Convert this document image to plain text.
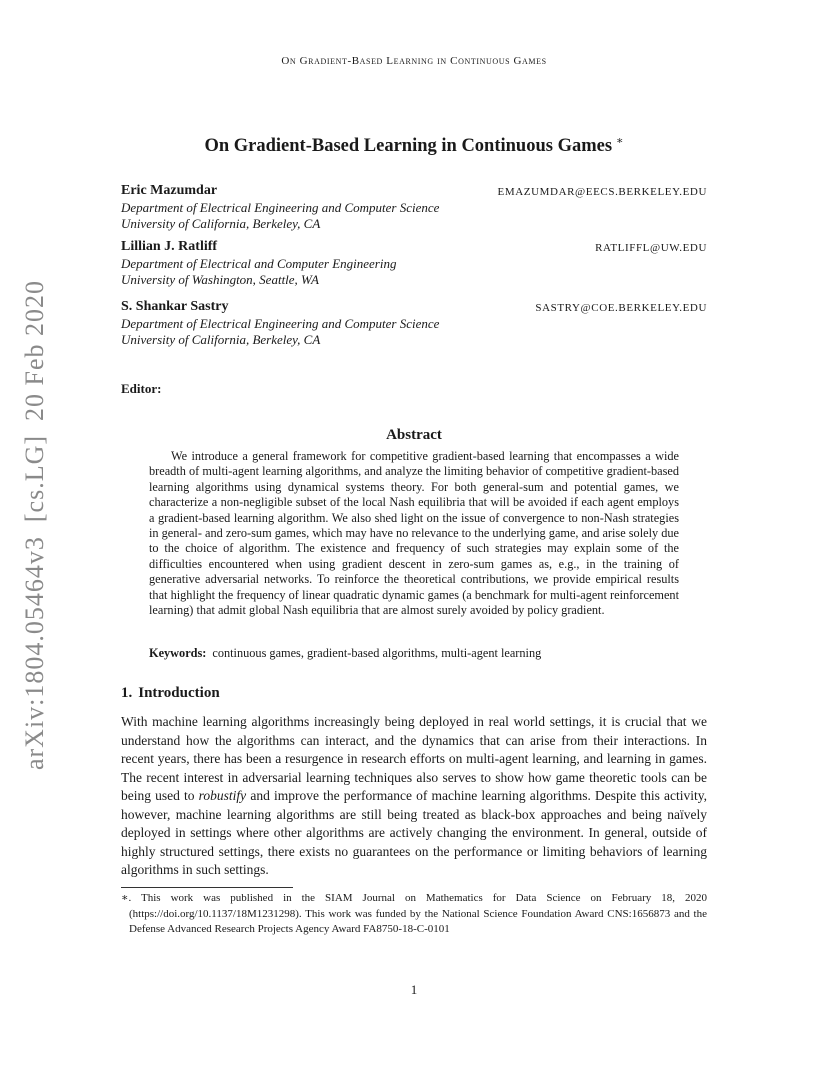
On Gradient-Based Learning in Continuous Games
On Gradient-Based Learning in Continuous Games ∗
Eric Mazumdar	EMAZUMDAR@EECS.BERKELEY.EDU
Department of Electrical Engineering and Computer Science
University of California, Berkeley, CA
Lillian J. Ratliff	RATLIFFL@UW.EDU
Department of Electrical and Computer Engineering
University of Washington, Seattle, WA
S. Shankar Sastry	SASTRY@COE.BERKELEY.EDU
Department of Electrical Engineering and Computer Science
University of California, Berkeley, CA
Editor:
Abstract
We introduce a general framework for competitive gradient-based learning that encompasses a wide breadth of multi-agent learning algorithms, and analyze the limiting behavior of competitive gradient-based learning algorithms using dynamical systems theory. For both general-sum and potential games, we characterize a non-negligible subset of the local Nash equilibria that will be avoided if each agent employs a gradient-based learning algorithm. We also shed light on the issue of convergence to non-Nash strategies in general- and zero-sum games, which may have no relevance to the underlying game, and arise solely due to the choice of algorithm. The existence and frequency of such strategies may explain some of the difficulties encountered when using gradient descent in zero-sum games as, e.g., in the training of generative adversarial networks. To reinforce the theoretical contributions, we provide empirical results that highlight the frequency of linear quadratic dynamic games (a benchmark for multi-agent reinforcement learning) that admit global Nash equilibria that are almost surely avoided by policy gradient.
Keywords: continuous games, gradient-based algorithms, multi-agent learning
1. Introduction
With machine learning algorithms increasingly being deployed in real world settings, it is crucial that we understand how the algorithms can interact, and the dynamics that can arise from their interactions. In recent years, there has been a resurgence in research efforts on multi-agent learning, and learning in games. The recent interest in adversarial learning techniques also serves to show how game theoretic tools can be being used to robustify and improve the performance of machine learning algorithms. Despite this activity, however, machine learning algorithms are still being treated as black-box approaches and being naïvely deployed in settings where other algorithms are actively changing the environment. In general, outside of highly structured settings, there exists no guarantees on the performance or limiting behaviors of learning algorithms in such settings.
∗. This work was published in the SIAM Journal on Mathematics for Data Science on February 18, 2020 (https://doi.org/10.1137/18M1231298). This work was funded by the National Science Foundation Award CNS:1656873 and the Defense Advanced Research Projects Agency Award FA8750-18-C-0101
1
arXiv:1804.05464v3[cs.LG]20 Feb 2020
